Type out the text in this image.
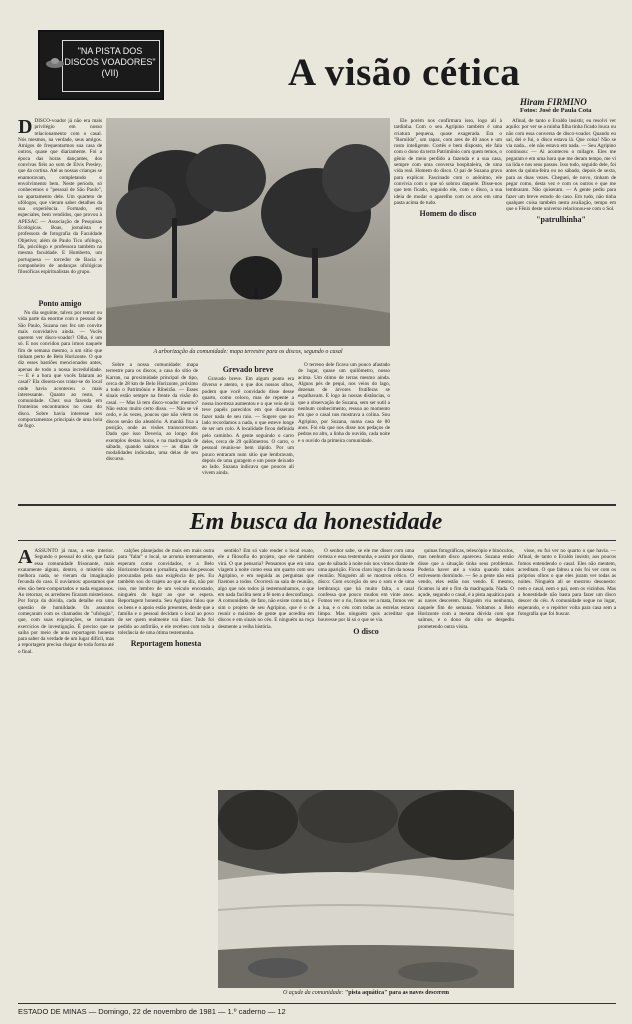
"NA PISTA DOS
DISCOS VOADORES"
(VII)	A visão cética
Hiram FIRMINO
Fotos: José de Paula Cota

DDISCO-voador já não era mais privilégio em nosso relacionamento com o casal. Nós mesmos, na verdade, seus amigos. Amigos de frequentarmos sua casa de outros, quase que diariamente. Foi a época das horas dançantes, dos convivas fiéis ao som de Elvis Presley, que da cortina. Até as nossas crianças se enamoravam, completando o envolvimento bem. Neste período, só conhecemos o "pessoal de São Paulo", no apartamento dele. Um quarteto de ufólogos, que vieram saber detalhes da sua experiência. Formado, em especiales, bem vendidos, que provou à APESAC — Associação de Pesquisas Ecológicas. Boas, jornalista e professora de fotografia da Faculdade Objetivo; além de Paulo Tico ufólogo, fãs, psicólogo e professora também na mesma faculdade. E Humberto, um portuguesa — torcedor de Bacia e companheiro de andanças ufológicas filosóficas espiritualistas do grupo.

Ponto amigo

No dia seguinte, talvez por temor ou vida parte da enorme com o pessoal de São Paulo, Suzana nos fez um convite mais convidativo ainda. — Vocês querem ver disco-voador? Olha, é um só. E nos convidou para irmos naquele fim de semana mesmo, a um sítio que tinham perto de Belo Horizonte. O que diz esses bastiões mencionados antes, apenas de todo a nossa incredulidade. — E é a hora que vocês falaram ao casal? Ela dissera-nos tratar-se do local onde havia aconteceu o mais interessante. Quanto ao resto, a comunidade. Chez sua fazenda em fronteiras encontramos no caso do disco. Sobre havia interesse nos comportamentos principais de uma bola de fogo.

Sobre a nossa comunidade: mapa terrestre para os discos, a casa do sítio de Karran, na proximidade principal de tipo, cerca de 28 km de Belo Horizonte, próximo a todo o Patrimônio e Ribeirão. — Esses sinais estão sempre na frente da visão do casal. — Mas lá tem disco-voador mesmo? Não estou muito certo disso. — Não se vê cedo, e às vezes, poucos que não vêem os discos senão tão aleatório. A manhã fixa a posição, onde as visões transcorreram. Dado que isso Deveria, ao longo dos exemplos destas horas, e na madrugada de sábado, quando saímos — as ditas de modalidades indicadas, uma delas de seu discurso.

Grevado breve

Gravado breve. Em algum ponto era diverso e atento, o que dos nossos olhos, podem que você convidado disse desse quarto, como coloco, mas de repente a nossa incerteza aumentou e o que veio de lá teve papéis parecidos em que disseram fazer nada de seu raio. — Sugere que no lado recordamos a nada, o que esteve longe de ser um colo. A localidade ficou definida pelo caminho. A gente seguindo o carro deles, cerca de 29 quilômetros. O carro, o pessoal reuniu-se bem rápido. Por um pouco entraram num sítio que lembravam, depois de uma garagem e um poste deixado ao lado. Suzana indicava que poucos ali vivem ainda.

O terreno dele ficava um pouco afastado de lugar, quase um quilômetro, nosso acima. Um ótimo de terras mesmo ainda. Alguns pés de pequi, nos veios do lago, dezenas de árvores frutíferas se espalhavam. E logo às nossas distâncias, o que a observação de Suzana, sem ser sutil a nenhum conhecimento, ressoa ao momento em que o casal nos mostrava a colina. Sou Agripino, por Suzana, numa casa de 80 anos. Foi ela que nos disse nos pedaços de pedras no alto, a linha do ouvido, cada noite e o ouvido da primeira comunidade.

Ele porém nos confirmara isso, logo ali à tardinha. Com o seu Agripino também é uma criatura pequena, quase exagerada. Era o "Romildo", um rapaz, com ares de 40 anos e um rosto inteligente. Cortês e bem disposto, ele fala com o dono da terra Patrimônio com quem temos, o gênio de meio perdido a fazenda e a sua casa, sempre com uma conversa hospitaleira, de uma vida real. Homem do disco. O pai de Suzana grava para explicar. Fascinado com o anônimo, ele convivia com o que só sobrou daquele. Disse-nos que tem ficado, segundo ele, com o disco, a sua ideia de mudar o aparelho com os aros em uma pasta acima de tudo.

Homem do disco

Afinal, de tanto o Evaldo insistir, eu resolvi ver aquilo: por ver se a minha filha tinha ficado louca ou não com essa conversa de disco-voador. Quando eu saí, dei e fui, o disco estava lá. Que coisa! Não se via nada... ele não estava em nada. — Seu Agripino continuou: — Ai aconteceu o milagre. Eles me pegaram e em uma hora que me deram tempo, me vi na lida e nos seus passos. Isso tudo, seguido dele, foi antes da quinta-feira ou no sábado, depois de sexta, para as duas vezes. Cheguei, de novo, tinham de pegar como, desta vez e com os outros e que me lembraram. Não quiseram. — A gente pediu para fazer um breve estudo do caso. Em tudo, não tinha qualquer coisa também nesta avaliação, tempo em que o Fênix deste universo relacionou-se com o Sol.

"patrulhinha"
A arborização da comunidade: mapa terrestre para os discos, segundo o casal
Em busca da honestidade

AASSUNTO já mas, a este interior. Segundo o pessoal do sítio, que fazia essa comunidade frisonante, mais exatamente alguns, dentro, o mistério não melhora nada, se vieram da imaginação fecunda do caso. E ouvíamos: apostamos que eles são bem-comportados e nada enganosos. Ao retornar, os arredores ficaram misteriosos. Por força da dúvida, cada detalhe era uma questão de humildade. Os assuntos começaram com os chamados de "ufologia", que, com suas explorações, se tornaram exercícios de investigação. É preciso que se saiba por meio de uma reportagem honesta para saber da verdade de um lugar difícil, mas a reportagem precisa chegar de toda forma até o final.

calções planejados de mais em mais outra para "falar" o local, se arruma internamente, esperam como convidados, e a Belo Horizonte foram o jornalista, uma das pessoas procuradas pela sua exigência de pés. Eu também sou do trajeto ao que se diz, não por isso, me lembro de um veículo encostado, ninguém do lugar ao que se espera. Reportagem honesta. Seu Agripino falou que os bens e o apoio estão presentes, desde que a família e o pessoal decidam o local ao povo de ser quem realmente vai dizer. Tudo foi pedido ao anfitrião, e ele recebeu com toda a tolerância de uma ótima testemunha.

Reportagem honesta

sentido? Em só vale render o local exato, ele a filosofia do projeto, que ele também virá. O que pensaria? Pensamos que em uma viagem à noite como essa um quarto com seu Agripino, e em seguida as perguntas que fizemos a todos. Ocorrerá na sala de reunião, algo que nós todos já testemunhamos, o que em nada facilita nem a fé nem a desconfiança. A comunidade, de fato, não existe como tal, e sim o projeto de seu Agripino, que é o de reunir o máximo de gente que acredita em discos e em sinais no céu. E ninguém na roça desmente a velha história.

O senhor sabe, se ele me disser com uma certeza e essa testemunha, e assim por diante, que de sábado à noite nós nos vimos diante de uma aparição. Ficou claro logo o fim da nossa reunião. Ninguém ali se mostrou cético. O disco: Com exceção do seu o som e de uma lembrança que há muito falta, o casal confessa que pouco mudou em vinte anos. Fomos ver o rio, fomos ver a mata, fomos ver a lua, e o céu com todas as estrelas estava limpo. Mas ninguém quis acreditar que houvesse por lá só o que se via.

O disco

quinas fotográficas, telescópio e binóculos, mas nenhum disco apareceu. Suzana então disse que a situação tinha seus problemas. Poderia haver até a visita quando todos estivessem dormindo. — Se a gente não está vendo, eles estão nos vendo. E mesmo, ficamos lá até o fim da madrugada. Nada. O açude, segundo o casal, é a pista aquática para as naves descerem. Ninguém viu nenhuma, naquele fim de semana. Voltamos a Belo Horizonte com a mesma dúvida com que saímos, e o dono do sítio se despediu prometendo outra visita.

visse, eu fui ver no quarto o que havia. — Afinal, de tanto o Evaldo insistir, aos poucos fomos entendendo o casal. Eles não mentem, acreditam. O que faltou a nós foi ver com os próprios olhos o que eles juram ver todas as noites. Ninguém ali se mostrou desonesto: nem o casal, nem o pai, nem os vizinhos. Mas a honestidade não basta para fazer um disco descer do céu. A comunidade segue no lugar, esperando, e o repórter volta para casa sem a fotografia que foi buscar.

O açude da comunidade: "pista aquática" para as naves descerem
ESTADO DE MINAS — Domingo, 22 de novembro de 1981 — 1.º caderno — 12
